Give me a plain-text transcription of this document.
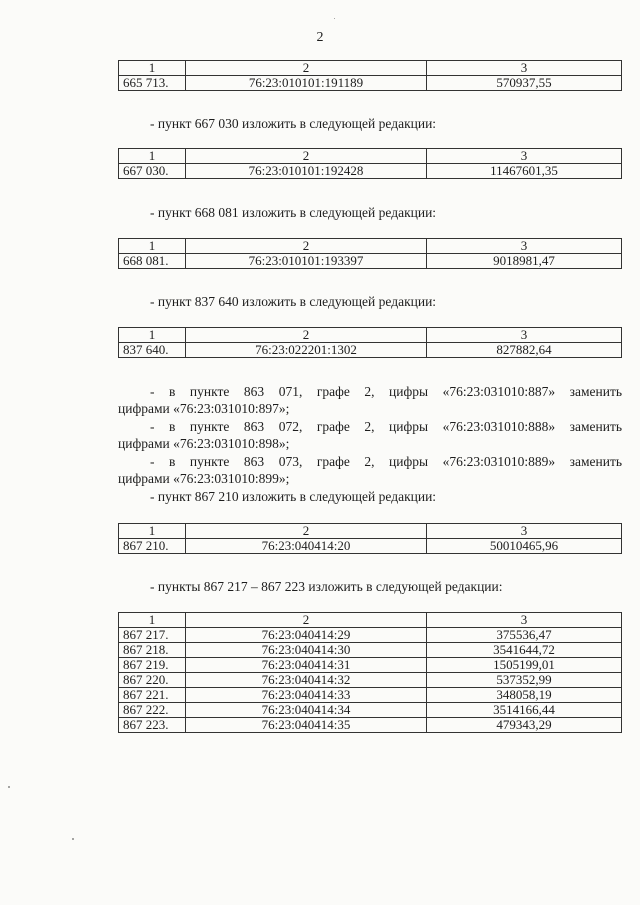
2
1	2	3
665 713.	76:23:010101:191189	570937,55
- пункт 667 030 изложить в следующей редакции:
1	2	3
667 030.	76:23:010101:192428	11467601,35
- пункт 668 081 изложить в следующей редакции:
1	2	3
668 081.	76:23:010101:193397	9018981,47
- пункт 837 640 изложить в следующей редакции:
1	2	3
837 640.	76:23:022201:1302	827882,64
- в пункте 863 071, графе 2, цифры «76:23:031010:887» заменить
цифрами «76:23:031010:897»;
- в пункте 863 072, графе 2, цифры «76:23:031010:888» заменить
цифрами «76:23:031010:898»;
- в пункте 863 073, графе 2, цифры «76:23:031010:889» заменить
цифрами «76:23:031010:899»;
- пункт 867 210 изложить в следующей редакции:
1	2	3
867 210.	76:23:040414:20	50010465,96
- пункты 867 217 – 867 223 изложить в следующей редакции:
1	2	3
867 217.	76:23:040414:29	375536,47
867 218.	76:23:040414:30	3541644,72
867 219.	76:23:040414:31	1505199,01
867 220.	76:23:040414:32	537352,99
867 221.	76:23:040414:33	348058,19
867 222.	76:23:040414:34	3514166,44
867 223.	76:23:040414:35	479343,29
